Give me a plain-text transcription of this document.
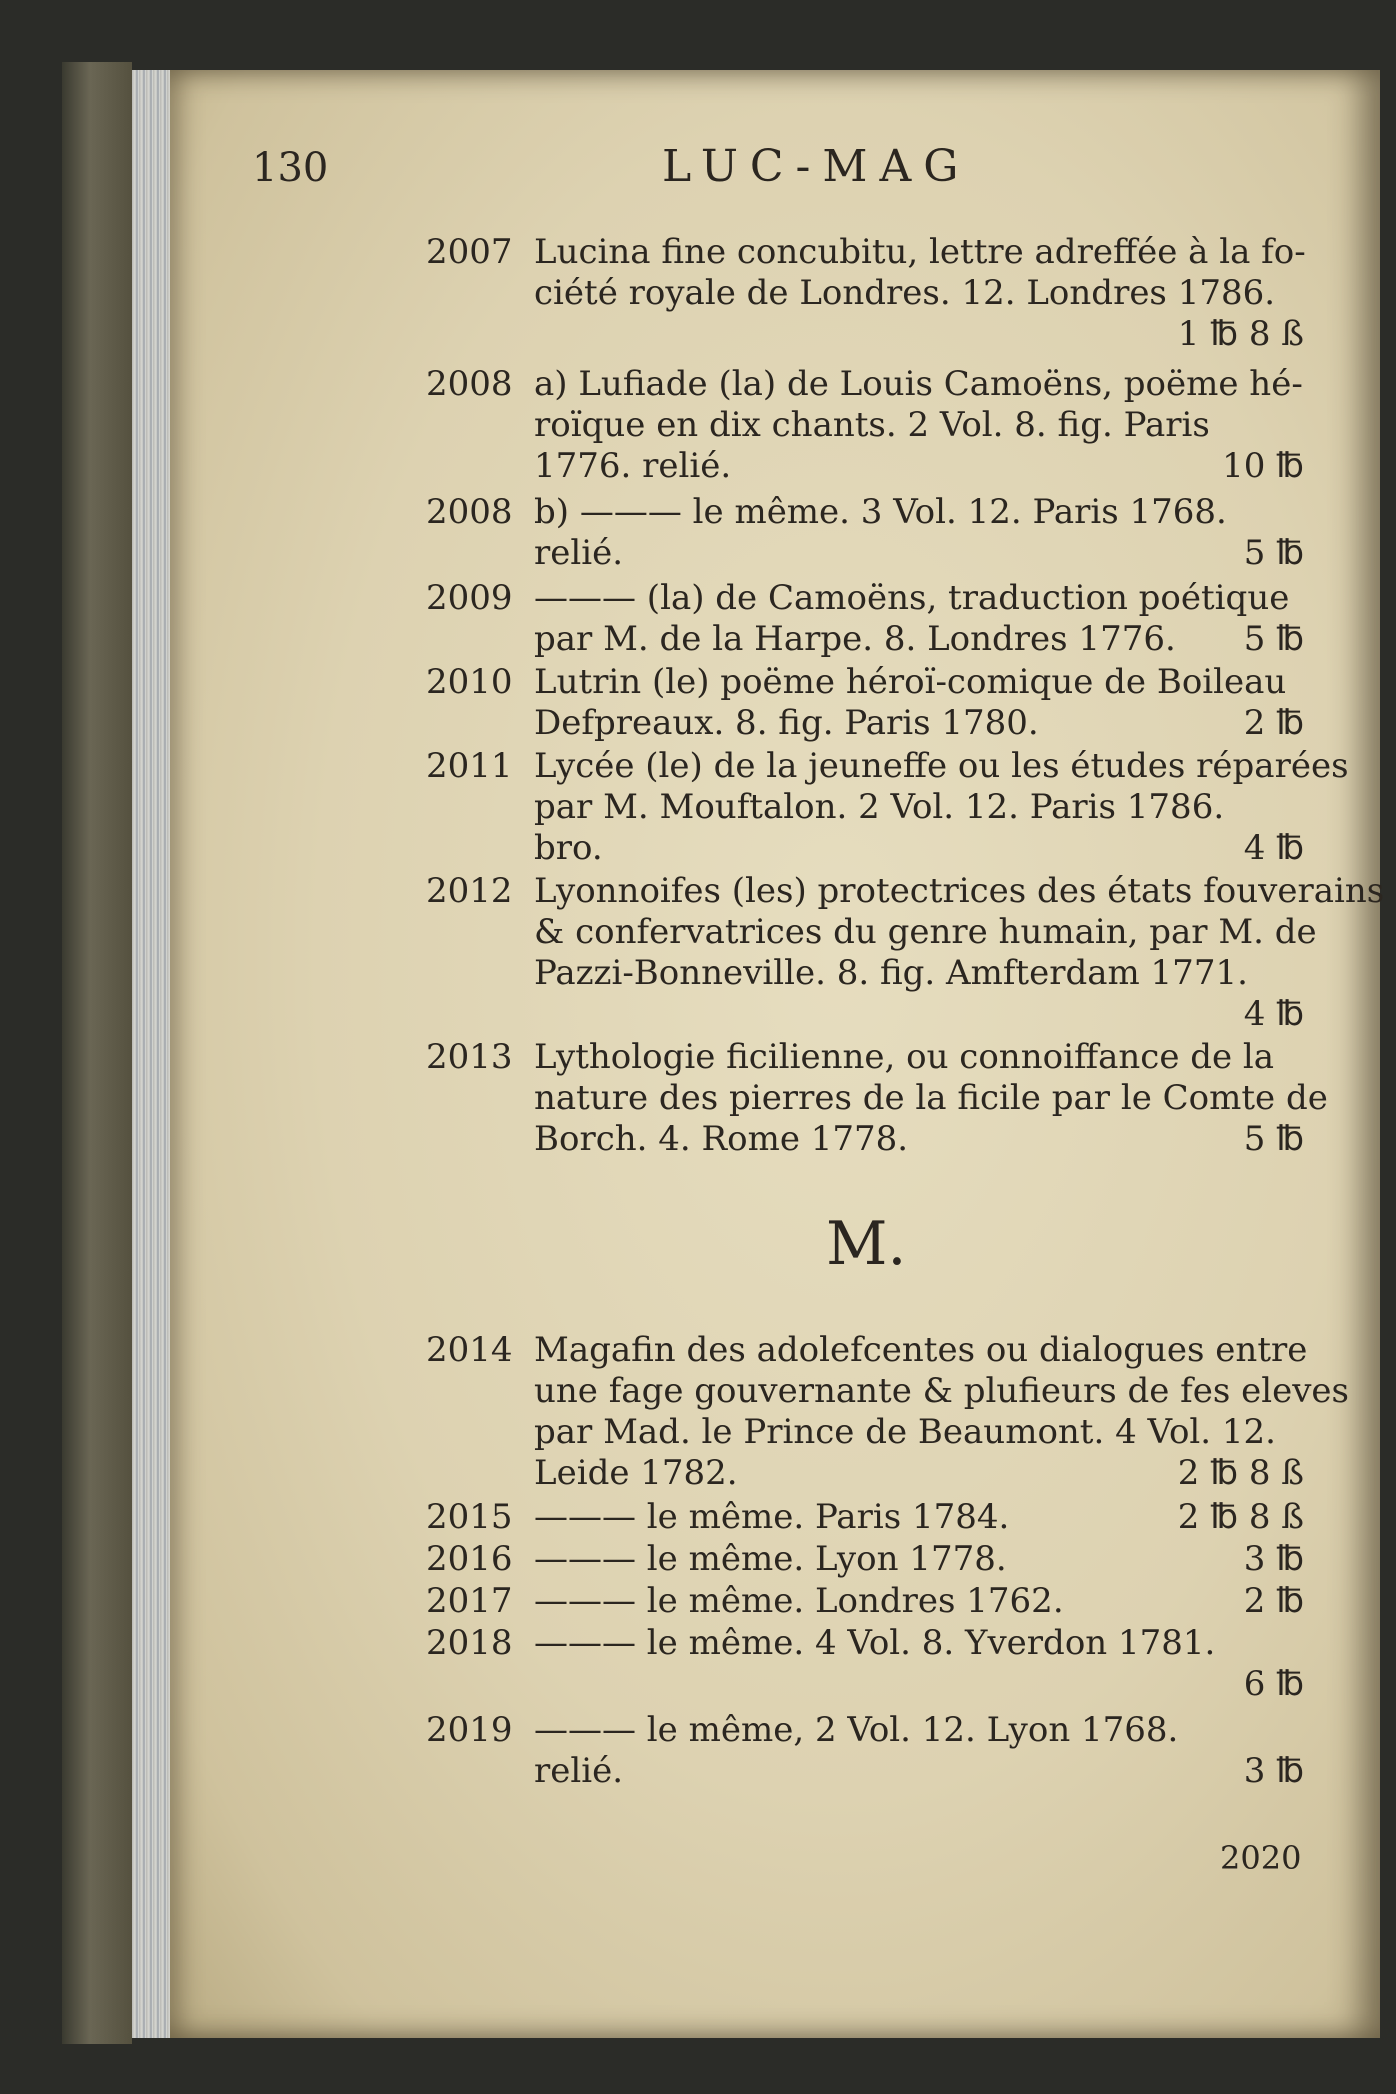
130	LUC-MAG
2007 Lucina fine concubitu, lettre adreffée à la fo-
ciété royale de Londres. 12. Londres 1786.
1 ℔ 8 ß
2008 a) Lufiade (la) de Louis Camoëns, poëme hé-
roïque en dix chants. 2 Vol. 8. fig. Paris
1776. relié.	10 ℔
2008 b) ——— le même. 3 Vol. 12. Paris 1768.
relié.	5 ℔
2009 ——— (la) de Camoëns, traduction poétique
par M. de la Harpe. 8. Londres 1776.	5 ℔
2010 Lutrin (le) poëme héroï-comique de Boileau
Defpreaux. 8. fig. Paris 1780.	2 ℔
2011 Lycée (le) de la jeuneffe ou les études réparées
par M. Mouftalon. 2 Vol. 12. Paris 1786.
bro.	4 ℔
2012 Lyonnoifes (les) protectrices des états fouverains
& confervatrices du genre humain, par M. de
Pazzi-Bonneville. 8. fig. Amfterdam 1771.
4 ℔
2013 Lythologie ficilienne, ou connoiffance de la
nature des pierres de la ficile par le Comte de
Borch. 4. Rome 1778.	5 ℔
M.
2014 Magafin des adolefcentes ou dialogues entre
une fage gouvernante & plufieurs de fes eleves
par Mad. le Prince de Beaumont. 4 Vol. 12.
Leide 1782.	2 ℔ 8 ß
2015 ——— le même. Paris 1784.	2 ℔ 8 ß
2016 ——— le même. Lyon 1778.	3 ℔
2017 ——— le même. Londres 1762.	2 ℔
2018 ——— le même. 4 Vol. 8. Yverdon 1781.
6 ℔
2019 ——— le même, 2 Vol. 12. Lyon 1768.
relié.	3 ℔
2020
